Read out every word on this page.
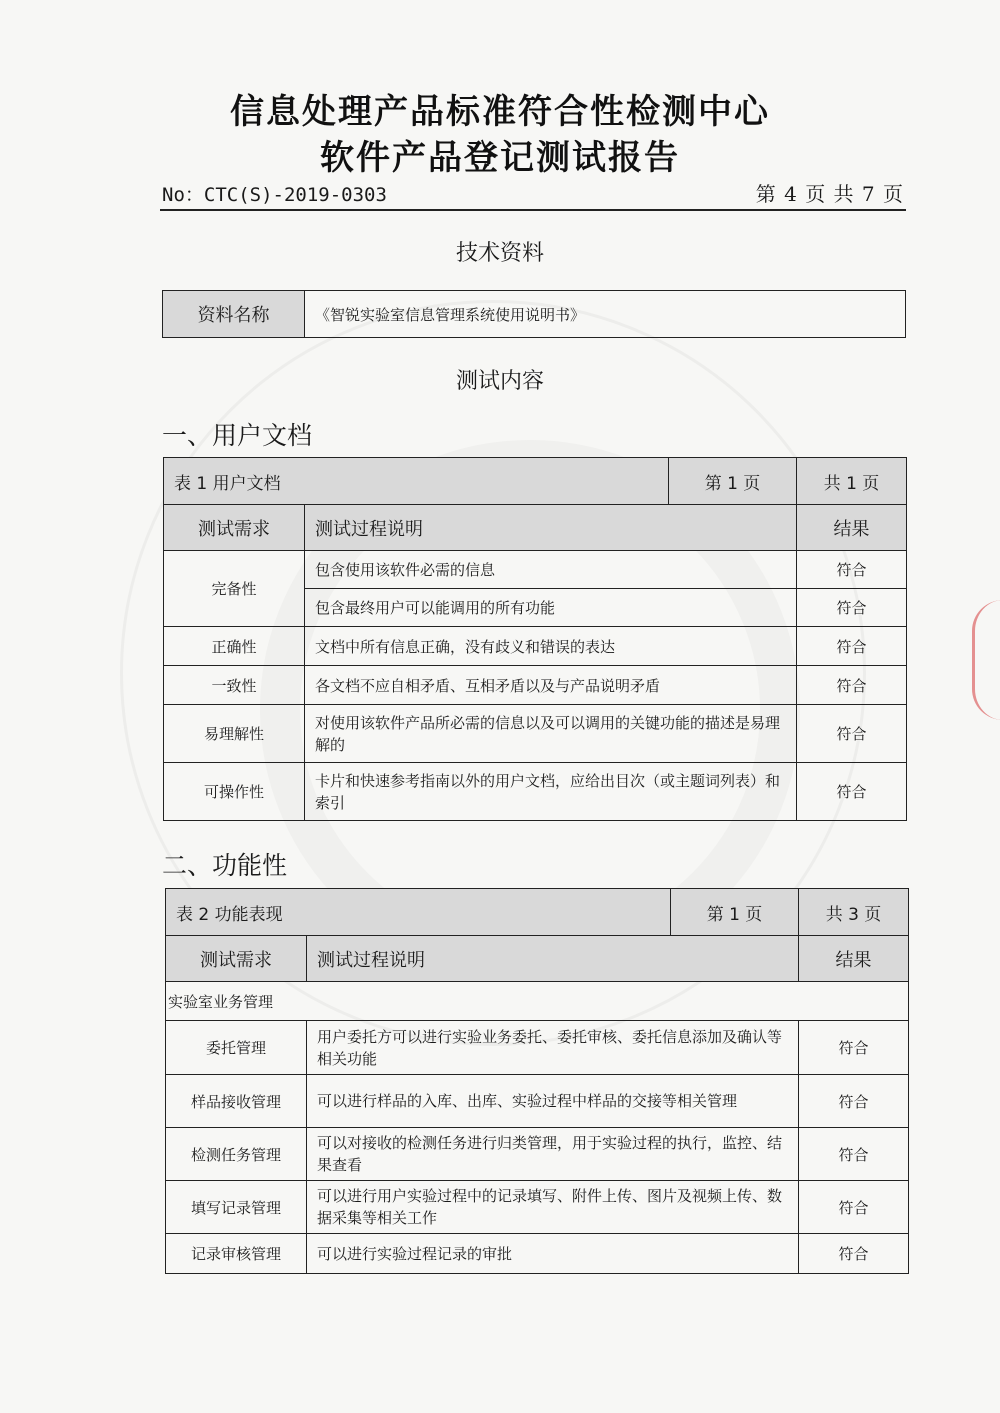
信息处理产品标准符合性检测中心
软件产品登记测试报告
No：CTC(S)-2019-0303	第 4 页 共 7 页
技术资料
资料名称	《智锐实验室信息管理系统使用说明书》
测试内容
一、用户文档
表 1 用户文档		第 1 页	共 1 页
测试需求	测试过程说明		结果
完备性	包含使用该软件必需的信息		符合
	包含最终用户可以能调用的所有功能		符合
正确性	文档中所有信息正确，没有歧义和错误的表达		符合
一致性	各文档不应自相矛盾、互相矛盾以及与产品说明矛盾		符合
易理解性	对使用该软件产品所必需的信息以及可以调用的关键功能的描述是易理解的		符合
可操作性	卡片和快速参考指南以外的用户文档，应给出目次（或主题词列表）和索引		符合
二、功能性
表 2 功能表现		第 1 页	共 3 页
测试需求	测试过程说明		结果
实验室业务管理			
委托管理	用户委托方可以进行实验业务委托、委托审核、委托信息添加及确认等相关功能		符合
样品接收管理	可以进行样品的入库、出库、实验过程中样品的交接等相关管理		符合
检测任务管理	可以对接收的检测任务进行归类管理，用于实验过程的执行，监控、结果查看		符合
填写记录管理	可以进行用户实验过程中的记录填写、附件上传、图片及视频上传、数据采集等相关工作		符合
记录审核管理	可以进行实验过程记录的审批		符合
